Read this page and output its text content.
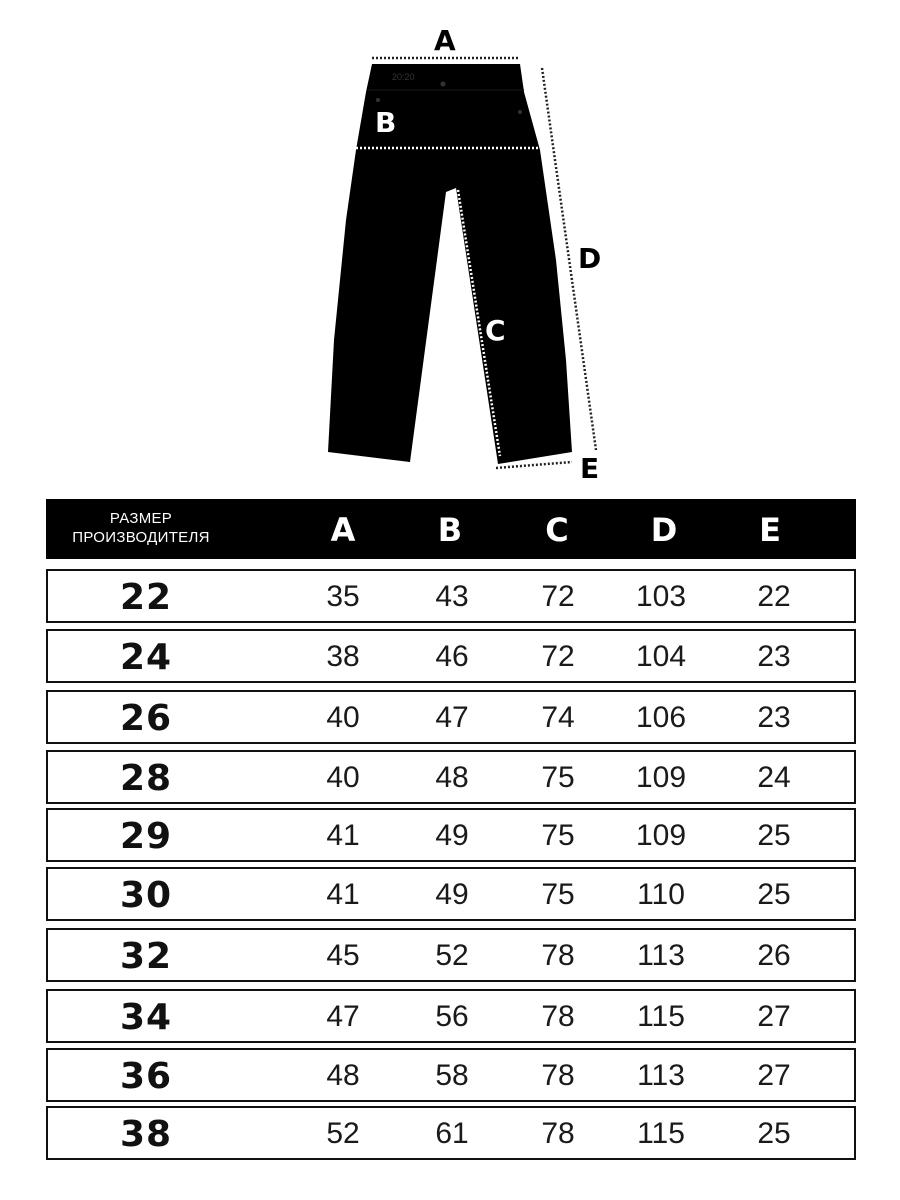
20:20
A
B
C
D
E
РАЗМЕР ПРОИЗВОДИТЕЛЯ	A	B	C	D	E
22	35	43	72	103	22
24	38	46	72	104	23
26	40	47	74	106	23
28	40	48	75	109	24
29	41	49	75	109	25
30	41	49	75	110	25
32	45	52	78	113	26
34	47	56	78	115	27
36	48	58	78	113	27
38	52	61	78	115	25
